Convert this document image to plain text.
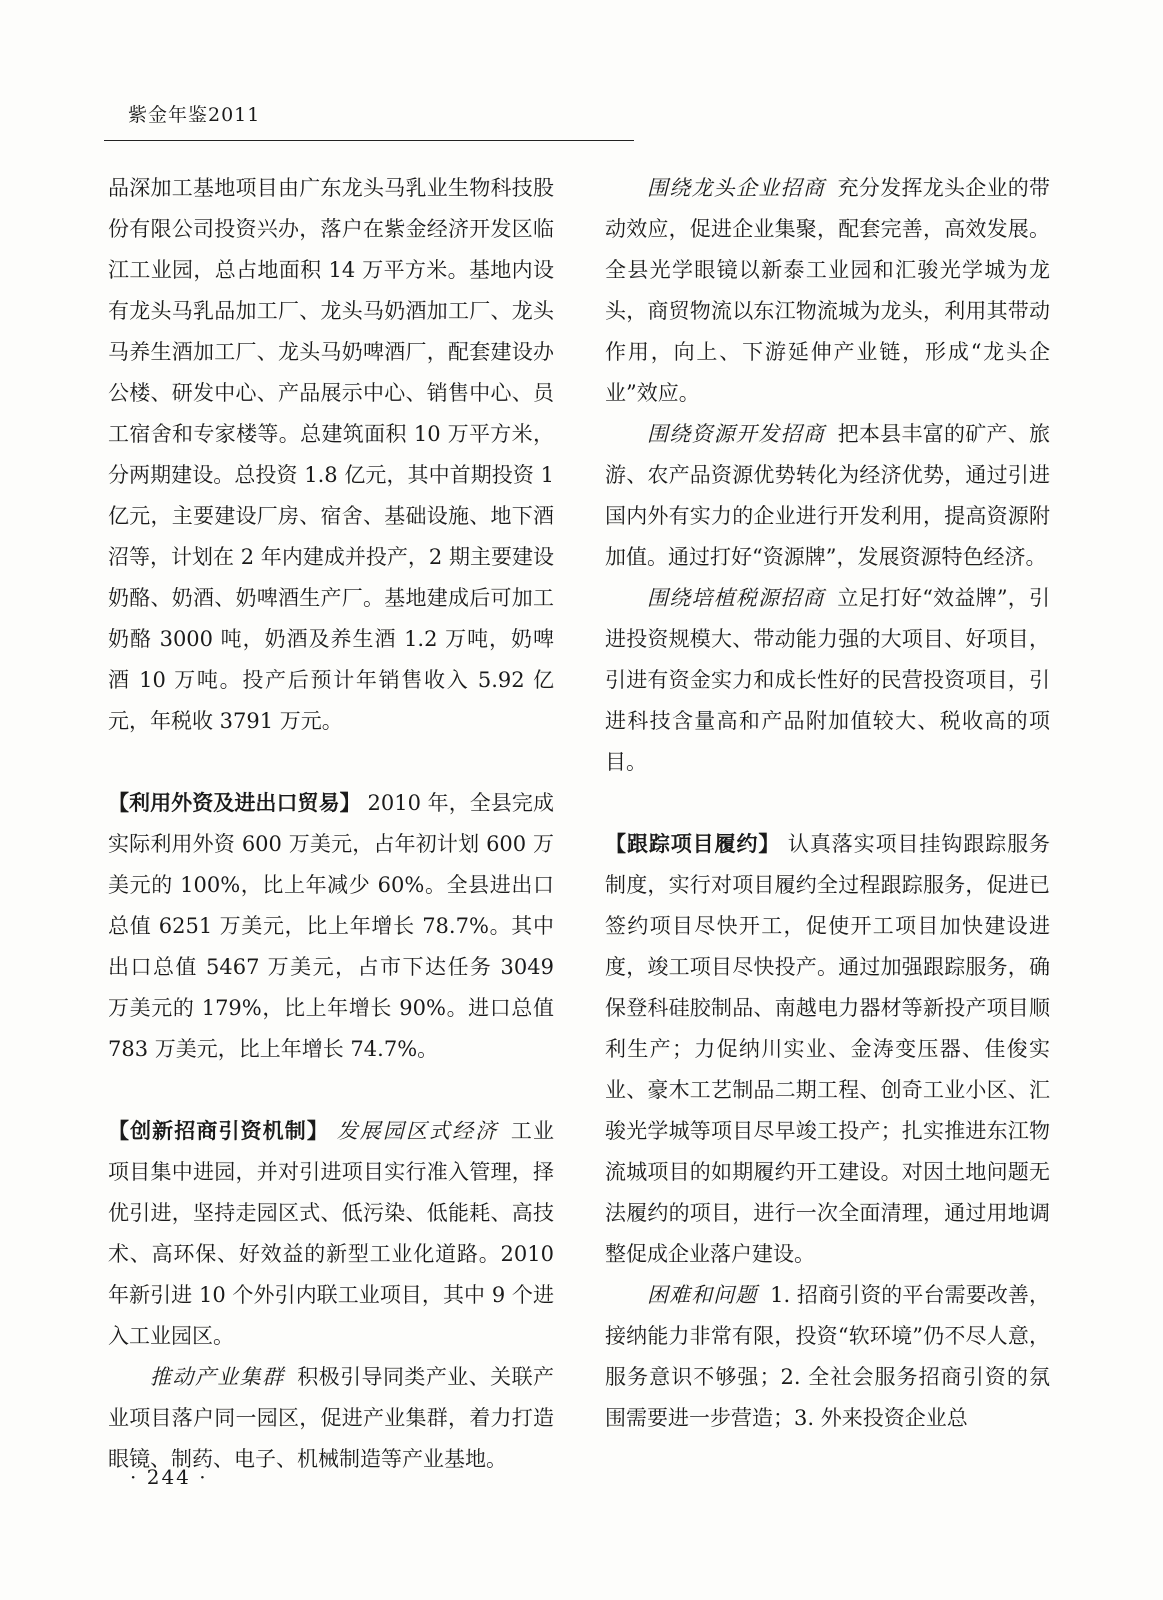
紫金年鉴2011

品深加工基地项目由广东龙头马乳业生物科技股份有限公司投资兴办，落户在紫金经济开发区临江工业园，总占地面积 14 万平方米。基地内设有龙头马乳品加工厂、龙头马奶酒加工厂、龙头马养生酒加工厂、龙头马奶啤酒厂，配套建设办公楼、研发中心、产品展示中心、销售中心、员工宿舍和专家楼等。总建筑面积 10 万平方米，分两期建设。总投资 1.8 亿元，其中首期投资 1 亿元，主要建设厂房、宿舍、基础设施、地下酒沼等，计划在 2 年内建成并投产，2 期主要建设奶酪、奶酒、奶啤酒生产厂。基地建成后可加工奶酪 3000 吨，奶酒及养生酒 1.2 万吨，奶啤酒 10 万吨。投产后预计年销售收入 5.92 亿元，年税收 3791 万元。

【利用外资及进出口贸易】 2010 年，全县完成实际利用外资 600 万美元，占年初计划 600 万美元的 100%，比上年减少 60%。全县进出口总值 6251 万美元，比上年增长 78.7%。其中出口总值 5467 万美元，占市下达任务 3049 万美元的 179%，比上年增长 90%。进口总值 783 万美元，比上年增长 74.7%。

【创新招商引资机制】 发展园区式经济 工业项目集中进园，并对引进项目实行准入管理，择优引进，坚持走园区式、低污染、低能耗、高技术、高环保、好效益的新型工业化道路。2010 年新引进 10 个外引内联工业项目，其中 9 个进入工业园区。

推动产业集群 积极引导同类产业、关联产业项目落户同一园区，促进产业集群，着力打造眼镜、制药、电子、机械制造等产业基地。

围绕龙头企业招商 充分发挥龙头企业的带动效应，促进企业集聚，配套完善，高效发展。全县光学眼镜以新泰工业园和汇骏光学城为龙头，商贸物流以东江物流城为龙头，利用其带动作用，向上、下游延伸产业链，形成“龙头企业”效应。

围绕资源开发招商 把本县丰富的矿产、旅游、农产品资源优势转化为经济优势，通过引进国内外有实力的企业进行开发利用，提高资源附加值。通过打好“资源牌”，发展资源特色经济。

围绕培植税源招商 立足打好“效益牌”，引进投资规模大、带动能力强的大项目、好项目，引进有资金实力和成长性好的民营投资项目，引进科技含量高和产品附加值较大、税收高的项目。

【跟踪项目履约】 认真落实项目挂钩跟踪服务制度，实行对项目履约全过程跟踪服务，促进已签约项目尽快开工，促使开工项目加快建设进度，竣工项目尽快投产。通过加强跟踪服务，确保登科硅胶制品、南越电力器材等新投产项目顺利生产；力促纳川实业、金涛变压器、佳俊实业、豪木工艺制品二期工程、创奇工业小区、汇骏光学城等项目尽早竣工投产；扎实推进东江物流城项目的如期履约开工建设。对因土地问题无法履约的项目，进行一次全面清理，通过用地调整促成企业落户建设。

困难和问题 1. 招商引资的平台需要改善，接纳能力非常有限，投资“软环境”仍不尽人意，服务意识不够强；2. 全社会服务招商引资的氛围需要进一步营造；3. 外来投资企业总

· 244 ·
